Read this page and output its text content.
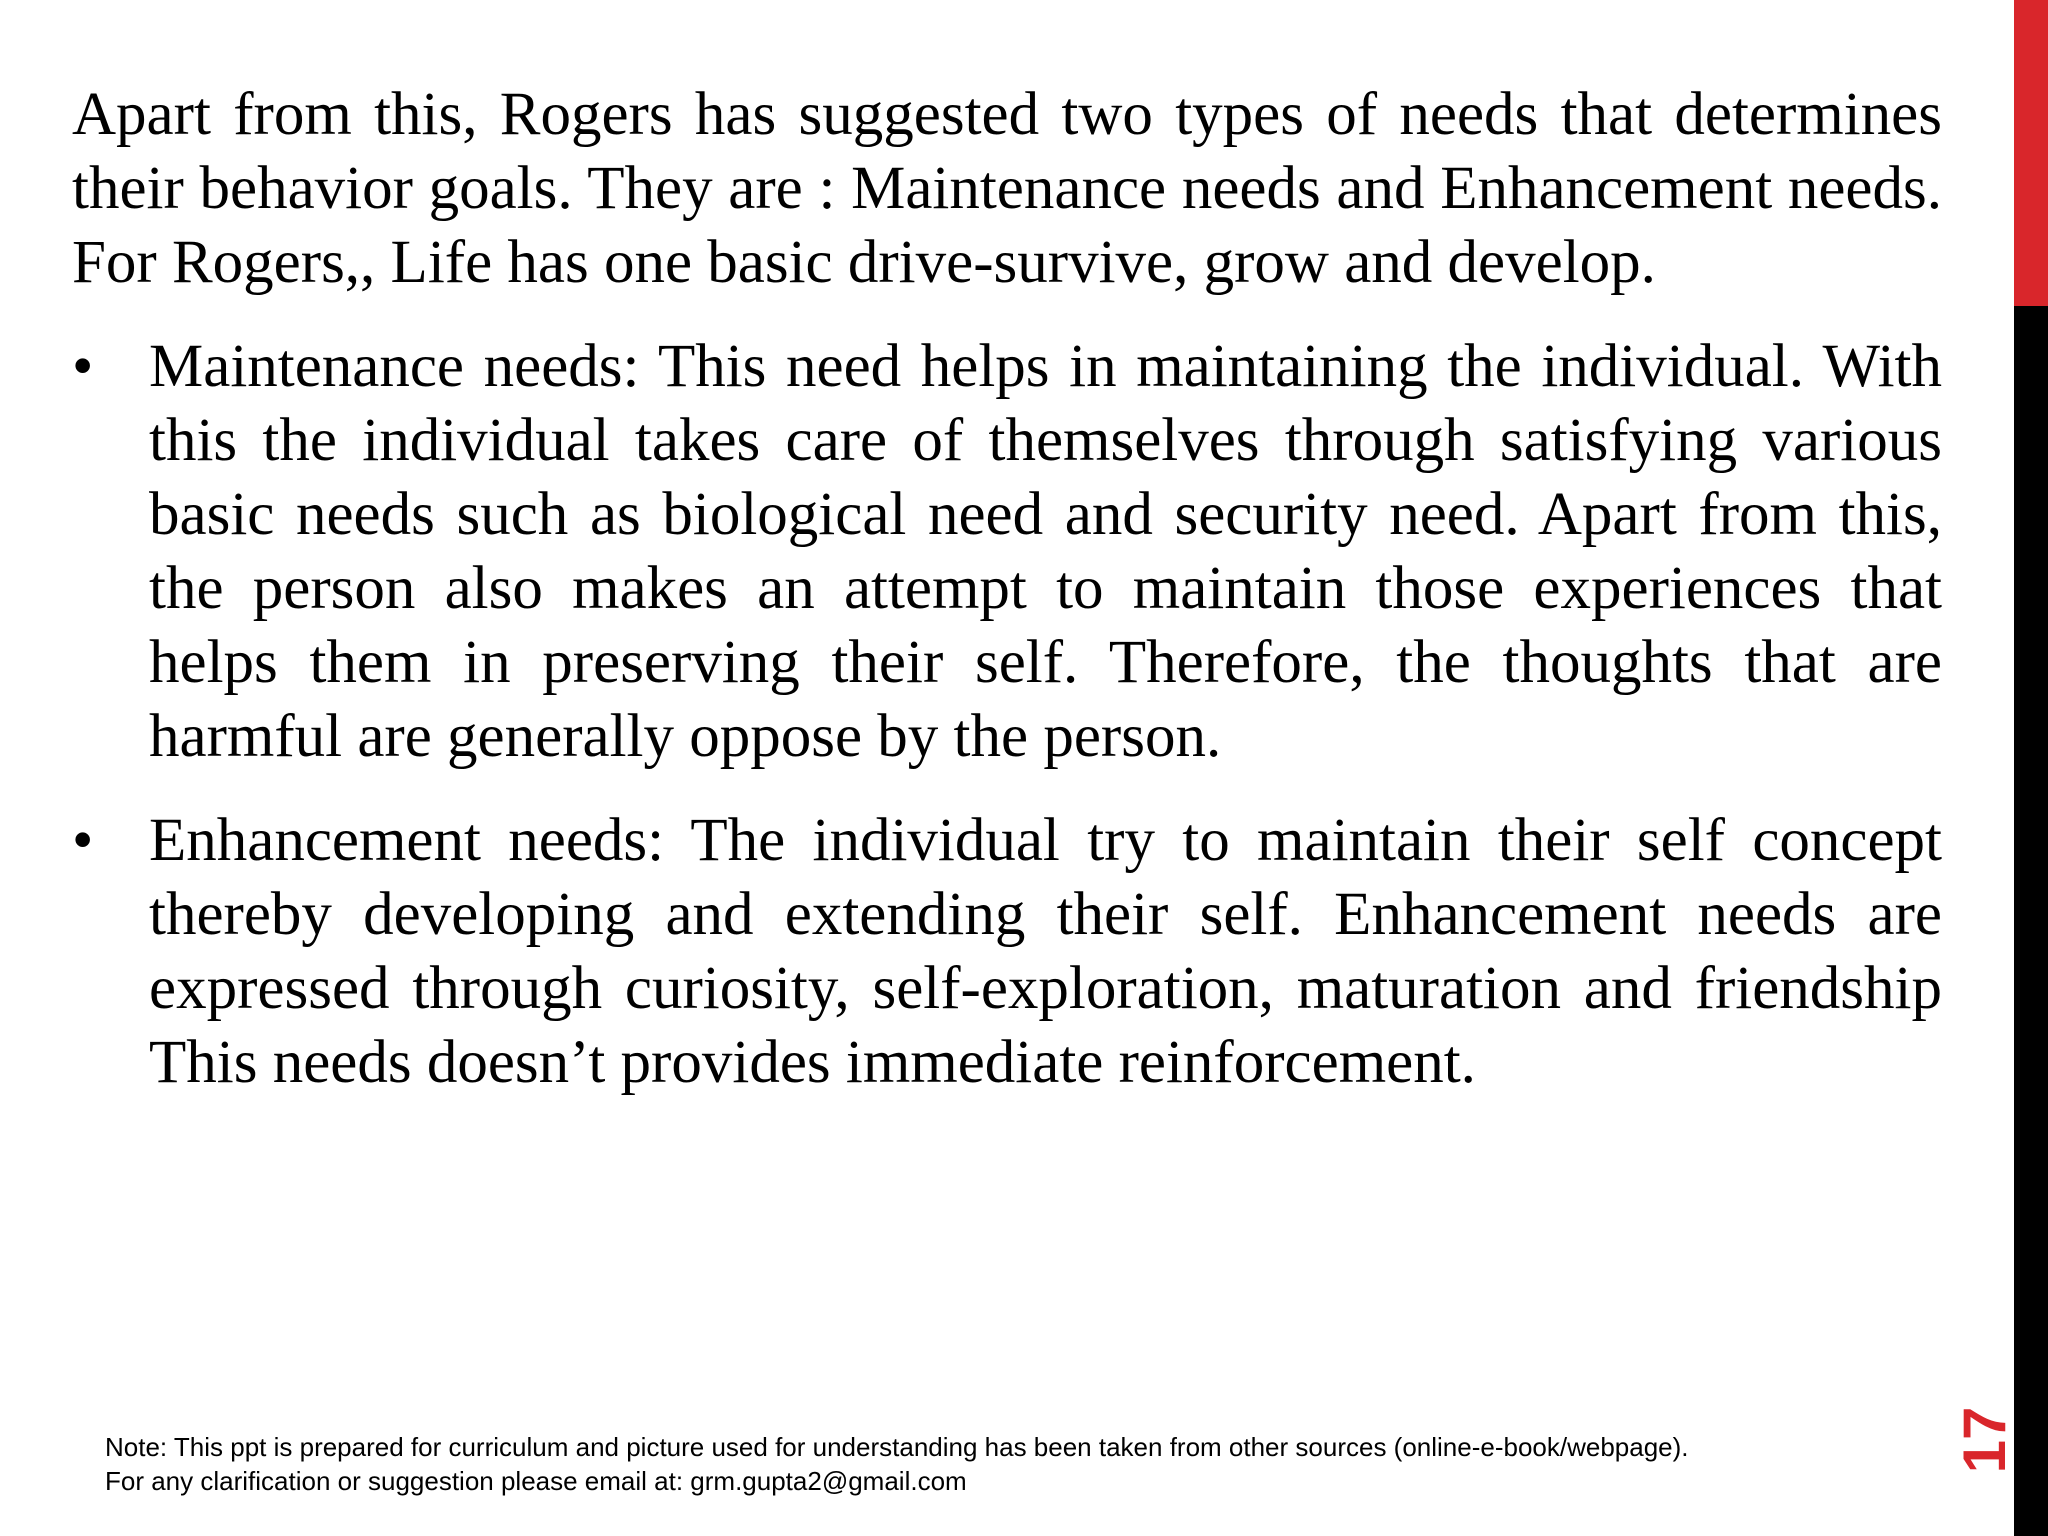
Apart from this, Rogers has suggested two types of needs that determines their behavior goals. They are : Maintenance needs and Enhancement needs. For Rogers,, Life has one basic drive-survive, grow and develop.

• Maintenance needs: This need helps in maintaining the individual. With this the individual takes care of themselves through satisfying various basic needs such as biological need and security need. Apart from this, the person also makes an attempt to maintain those experiences that helps them in preserving their self. Therefore, the thoughts that are harmful are generally oppose by the person.
• Enhancement needs: The individual try to maintain their self concept thereby developing and extending their self. Enhancement needs are expressed through curiosity, self-exploration, maturation and friendship This needs doesn’t provides immediate reinforcement.

Note: This ppt is prepared for curriculum and picture used for understanding has been taken from other sources (online-e-book/webpage).

For any clarification or suggestion please email at: grm.gupta2@gmail.com

17
